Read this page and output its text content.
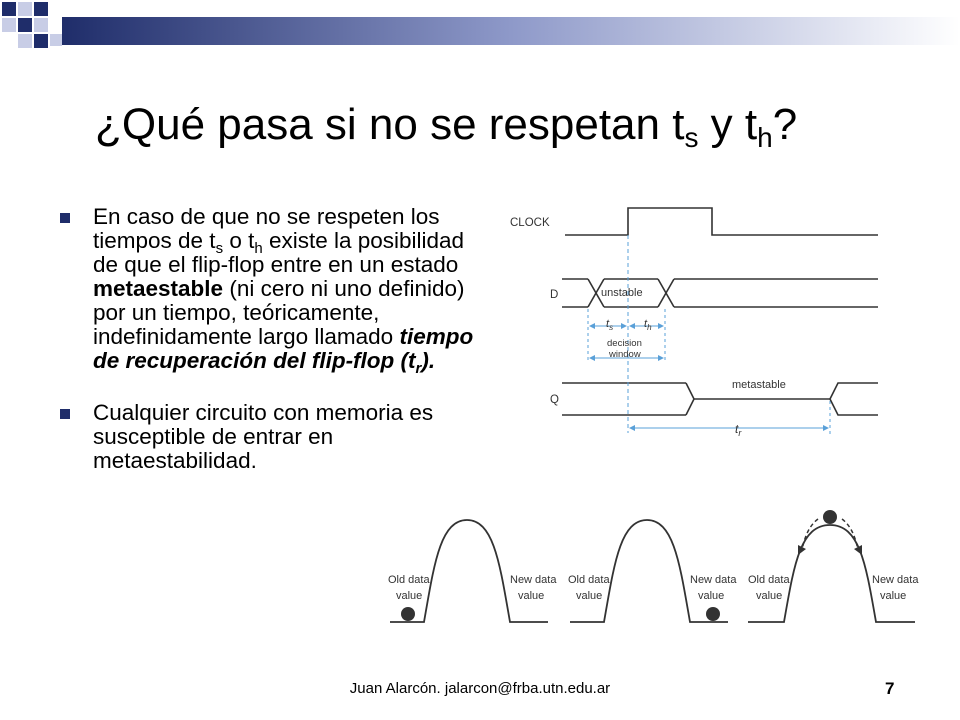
¿Qué pasa si no se respetan $t_s$ y $t_h$?
En caso de que no se respeten los tiempos de $t_s$ o $t_h$ existe la posibilidad de que el flip-flop entre en un estado metaestable (ni cero ni uno definido) por un tiempo, teóricamente, indefinidamente largo llamado tiempo de recuperación del flip-flop $(t_r)$.
Cualquier circuito con memoria es susceptible de entrar en metaestabilidad.
CLOCK
D
Q
unstable
metastable
decision
window
$t_s$	$t_h$
$t_r$
Old data
value
New data
value
Old data
value
New data
value
Old data
value
New data
value
Juan Alarcón. jalarcon@frba.utn.edu.ar	7
